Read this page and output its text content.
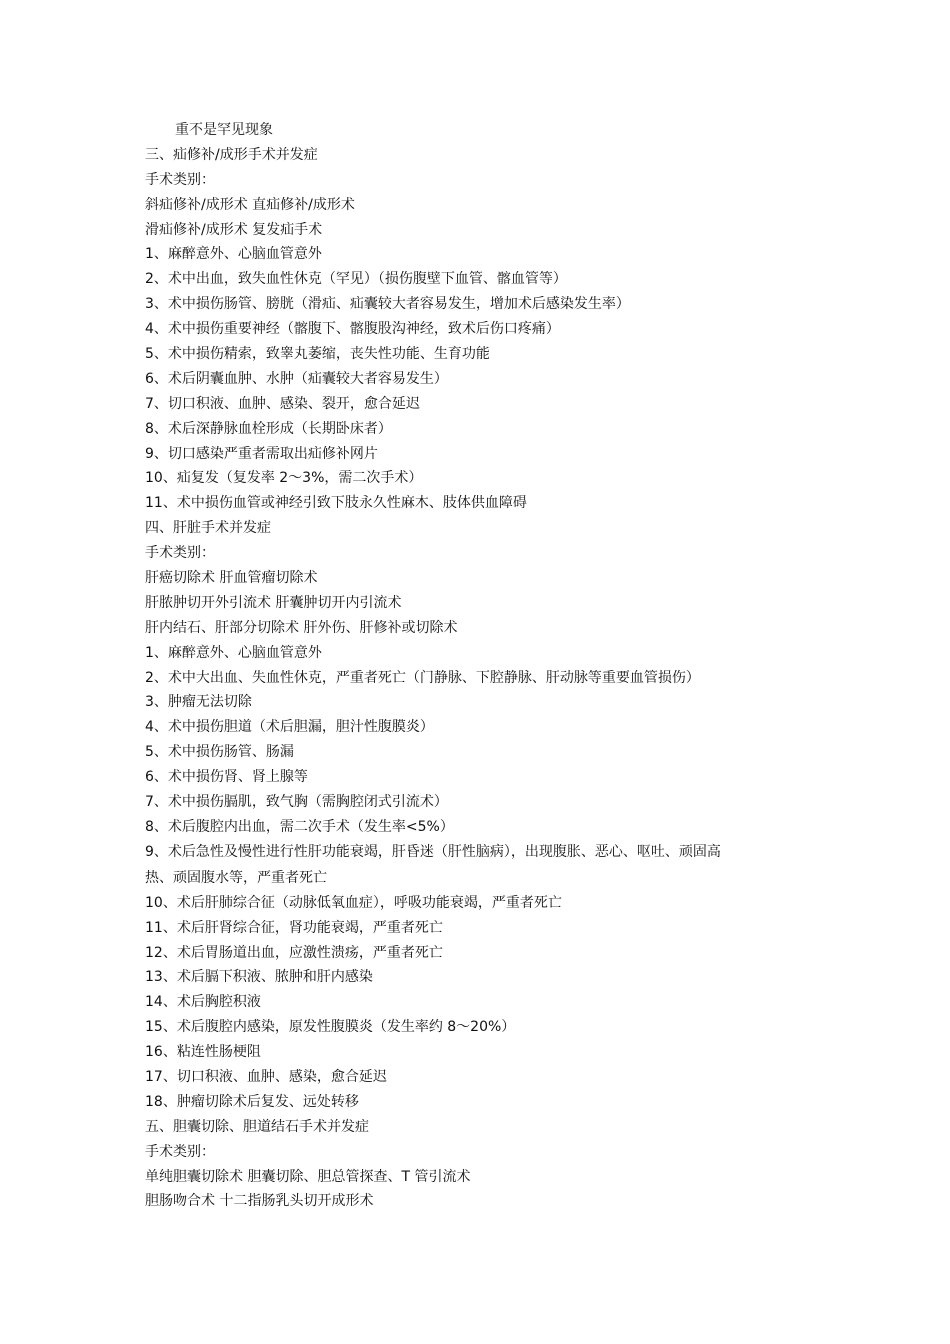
重不是罕见现象
三、疝修补/成形手术并发症
手术类别：
斜疝修补/成形术 直疝修补/成形术
滑疝修补/成形术 复发疝手术
1、麻醉意外、心脑血管意外
2、术中出血，致失血性休克（罕见）（损伤腹壁下血管、髂血管等）
3、术中损伤肠管、膀胱（滑疝、疝囊较大者容易发生，增加术后感染发生率）
4、术中损伤重要神经（髂腹下、髂腹股沟神经，致术后伤口疼痛）
5、术中损伤精索，致睾丸萎缩，丧失性功能、生育功能
6、术后阴囊血肿、水肿（疝囊较大者容易发生）
7、切口积液、血肿、感染、裂开，愈合延迟
8、术后深静脉血栓形成（长期卧床者）
9、切口感染严重者需取出疝修补网片
10、疝复发（复发率 2～3%，需二次手术）
11、术中损伤血管或神经引致下肢永久性麻木、肢体供血障碍
四、肝脏手术并发症
手术类别：
肝癌切除术 肝血管瘤切除术
肝脓肿切开外引流术 肝囊肿切开内引流术
肝内结石、肝部分切除术 肝外伤、肝修补或切除术
1、麻醉意外、心脑血管意外
2、术中大出血、失血性休克，严重者死亡（门静脉、下腔静脉、肝动脉等重要血管损伤）
3、肿瘤无法切除
4、术中损伤胆道（术后胆漏，胆汁性腹膜炎）
5、术中损伤肠管、肠漏
6、术中损伤肾、肾上腺等
7、术中损伤膈肌，致气胸（需胸腔闭式引流术）
8、术后腹腔内出血，需二次手术（发生率<5%）
9、术后急性及慢性进行性肝功能衰竭，肝昏迷（肝性脑病），出现腹胀、恶心、呕吐、顽固高
热、顽固腹水等，严重者死亡
10、术后肝肺综合征（动脉低氧血症），呼吸功能衰竭，严重者死亡
11、术后肝肾综合征，肾功能衰竭，严重者死亡
12、术后胃肠道出血，应激性溃疡，严重者死亡
13、术后膈下积液、脓肿和肝内感染
14、术后胸腔积液
15、术后腹腔内感染，原发性腹膜炎（发生率约 8～20%）
16、粘连性肠梗阻
17、切口积液、血肿、感染，愈合延迟
18、肿瘤切除术后复发、远处转移
五、胆囊切除、胆道结石手术并发症
手术类别：
单纯胆囊切除术 胆囊切除、胆总管探查、T 管引流术
胆肠吻合术 十二指肠乳头切开成形术
